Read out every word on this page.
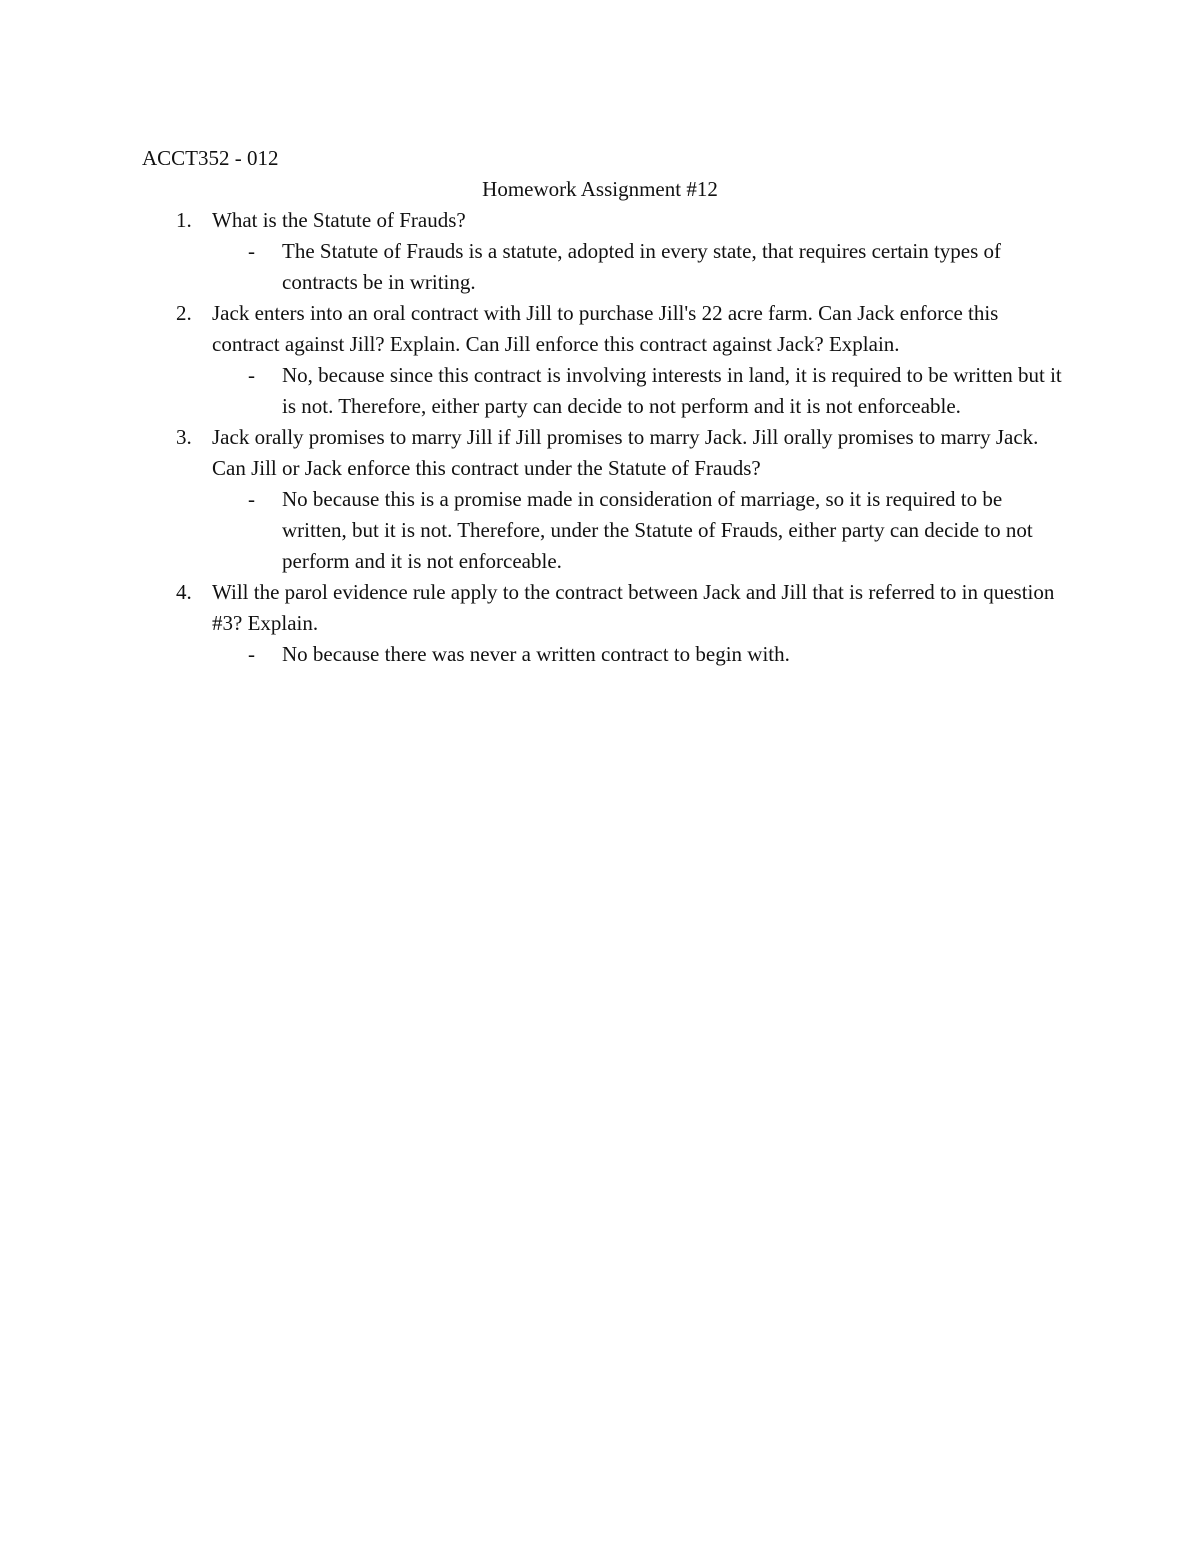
ACCT352 - 012
Homework Assignment #12
1. What is the Statute of Frauds?
-	The Statute of Frauds is a statute, adopted in every state, that requires certain types of contracts be in writing.
2. Jack enters into an oral contract with Jill to purchase Jill's 22 acre farm. Can Jack enforce this contract against Jill? Explain. Can Jill enforce this contract against Jack? Explain.
-	No, because since this contract is involving interests in land, it is required to be written but it is not. Therefore, either party can decide to not perform and it is not enforceable.
3. Jack orally promises to marry Jill if Jill promises to marry Jack. Jill orally promises to marry Jack. Can Jill or Jack enforce this contract under the Statute of Frauds?
-	No because this is a promise made in consideration of marriage, so it is required to be written, but it is not. Therefore, under the Statute of Frauds, either party can decide to not perform and it is not enforceable.
4. Will the parol evidence rule apply to the contract between Jack and Jill that is referred to in question #3? Explain.
-	No because there was never a written contract to begin with.
